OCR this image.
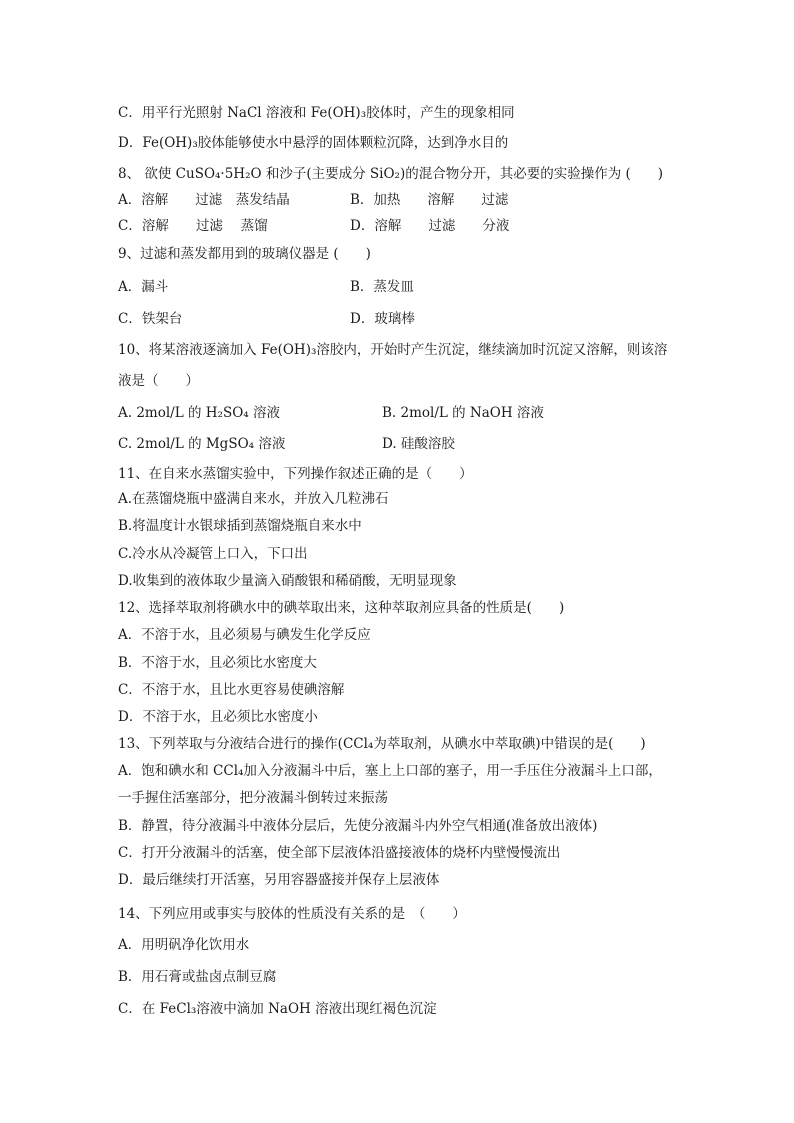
C．用平行光照射 NaCl 溶液和 Fe(OH)₃胶体时，产生的现象相同
D．Fe(OH)₃胶体能够使水中悬浮的固体颗粒沉降，达到净水目的
8、 欲使 CuSO₄·5H₂O 和沙子(主要成分 SiO₂)的混合物分开，其必要的实验操作为 (　　)
A．溶解　　过滤　蒸发结晶	B．加热　　溶解　　过滤
C．溶解　　过滤　 蒸馏	D．溶解　　过滤　　分液
9、过滤和蒸发都用到的玻璃仪器是 (　　)
A．漏斗	B．蒸发皿
C．铁架台	D．玻璃棒
10、将某溶液逐滴加入 Fe(OH)₃溶胶内，开始时产生沉淀，继续滴加时沉淀又溶解，则该溶
液是（　　）
A. 2mol/L 的 H₂SO₄ 溶液	B. 2mol/L 的 NaOH 溶液
C. 2mol/L 的 MgSO₄ 溶液	D. 硅酸溶胶
11、在自来水蒸馏实验中，下列操作叙述正确的是（　　）
A.在蒸馏烧瓶中盛满自来水，并放入几粒沸石
B.将温度计水银球插到蒸馏烧瓶自来水中
C.冷水从冷凝管上口入，下口出
D.收集到的液体取少量滴入硝酸银和稀硝酸，无明显现象
12、选择萃取剂将碘水中的碘萃取出来，这种萃取剂应具备的性质是(　　)
A．不溶于水，且必须易与碘发生化学反应
B．不溶于水，且必须比水密度大
C．不溶于水，且比水更容易使碘溶解
D．不溶于水，且必须比水密度小
13、下列萃取与分液结合进行的操作(CCl₄为萃取剂，从碘水中萃取碘)中错误的是(　　)
A．饱和碘水和 CCl₄加入分液漏斗中后，塞上上口部的塞子，用一手压住分液漏斗上口部，
一手握住活塞部分，把分液漏斗倒转过来振荡
B．静置，待分液漏斗中液体分层后，先使分液漏斗内外空气相通(准备放出液体)
C．打开分液漏斗的活塞，使全部下层液体沿盛接液体的烧杯内壁慢慢流出
D．最后继续打开活塞，另用容器盛接并保存上层液体
14、下列应用或事实与胶体的性质没有关系的是　（　　）
A．用明矾净化饮用水
B．用石膏或盐卤点制豆腐
C．在 FeCl₃溶液中滴加 NaOH 溶液出现红褐色沉淀
